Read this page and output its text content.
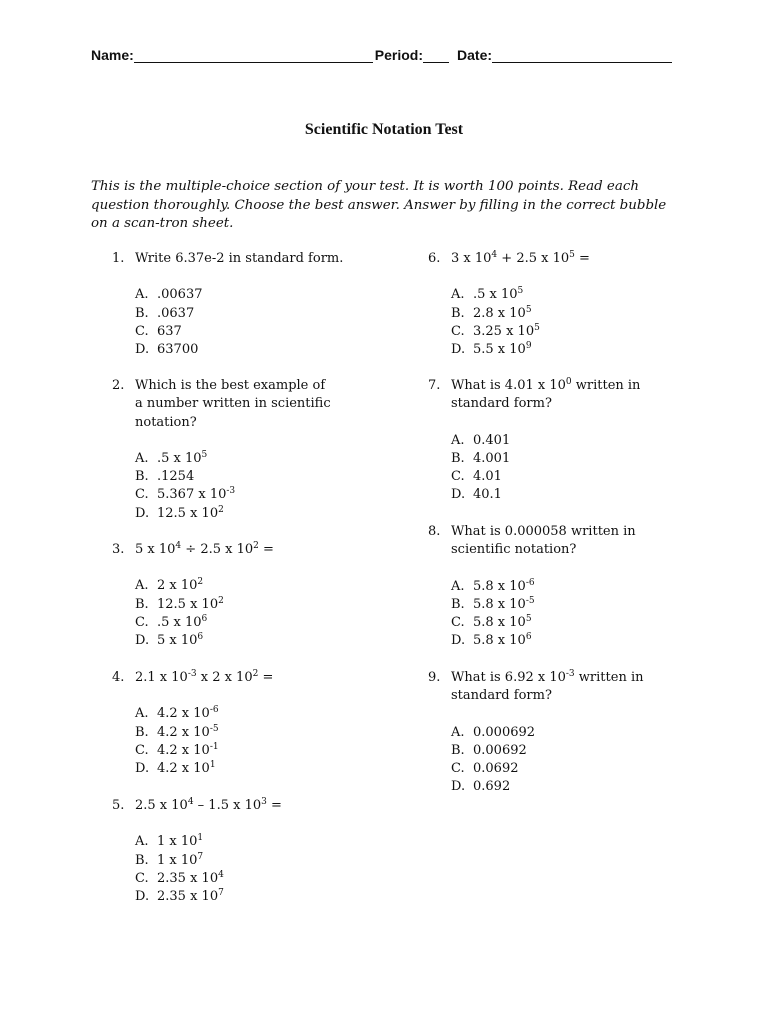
Name:	Period: Date:
Scientific Notation Test
This is the multiple-choice section of your test. It is worth 100 points. Read each question thoroughly. Choose the best answer. Answer by filling in the correct bubble on a scan-tron sheet.
1. Write 6.37e-2 in standard form.
A. .00637
B. .0637
C. 637
D. 63700
2. Which is the best example of a number written in scientific notation?
A. .5 x $10^5$
B. .1254
C. 5.367 x $10^{-3}$
D. 12.5 x $10^2$
3. 5 x $10^4 \div 2.5$ x $10^2$ =
A. 2 x $10^2$
B. 12.5 x $10^2$
C. .5 x $10^6$
D. 5 x $10^6$
4. 2.1 x $10^{-3}$ x 2 x $10^2$ =
A. 4.2 x $10^{-6}$
B. 4.2 x $10^{-5}$
C. 4.2 x $10^{-1}$
D. 4.2 x $10^1$
5. 2.5 x $10^4 - 1.5$ x $10^3$ =
A. 1 x $10^1$
B. 1 x $10^7$
C. 2.35 x $10^4$
D. 2.35 x $10^7$
6. 3 x $10^4 + 2.5$ x $10^5$ =
A. .5 x $10^5$
B. 2.8 x $10^5$
C. 3.25 x $10^5$
D. 5.5 x $10^9$
7. What is 4.01 x $10^0$ written in standard form?
A. 0.401
B. 4.001
C. 4.01
D. 40.1
8. What is 0.000058 written in scientific notation?
A. 5.8 x $10^{-6}$
B. 5.8 x $10^{-5}$
C. 5.8 x $10^5$
D. 5.8 x $10^6$
9. What is 6.92 x $10^{-3}$ written in standard form?
A. 0.000692
B. 0.00692
C. 0.0692
D. 0.692
